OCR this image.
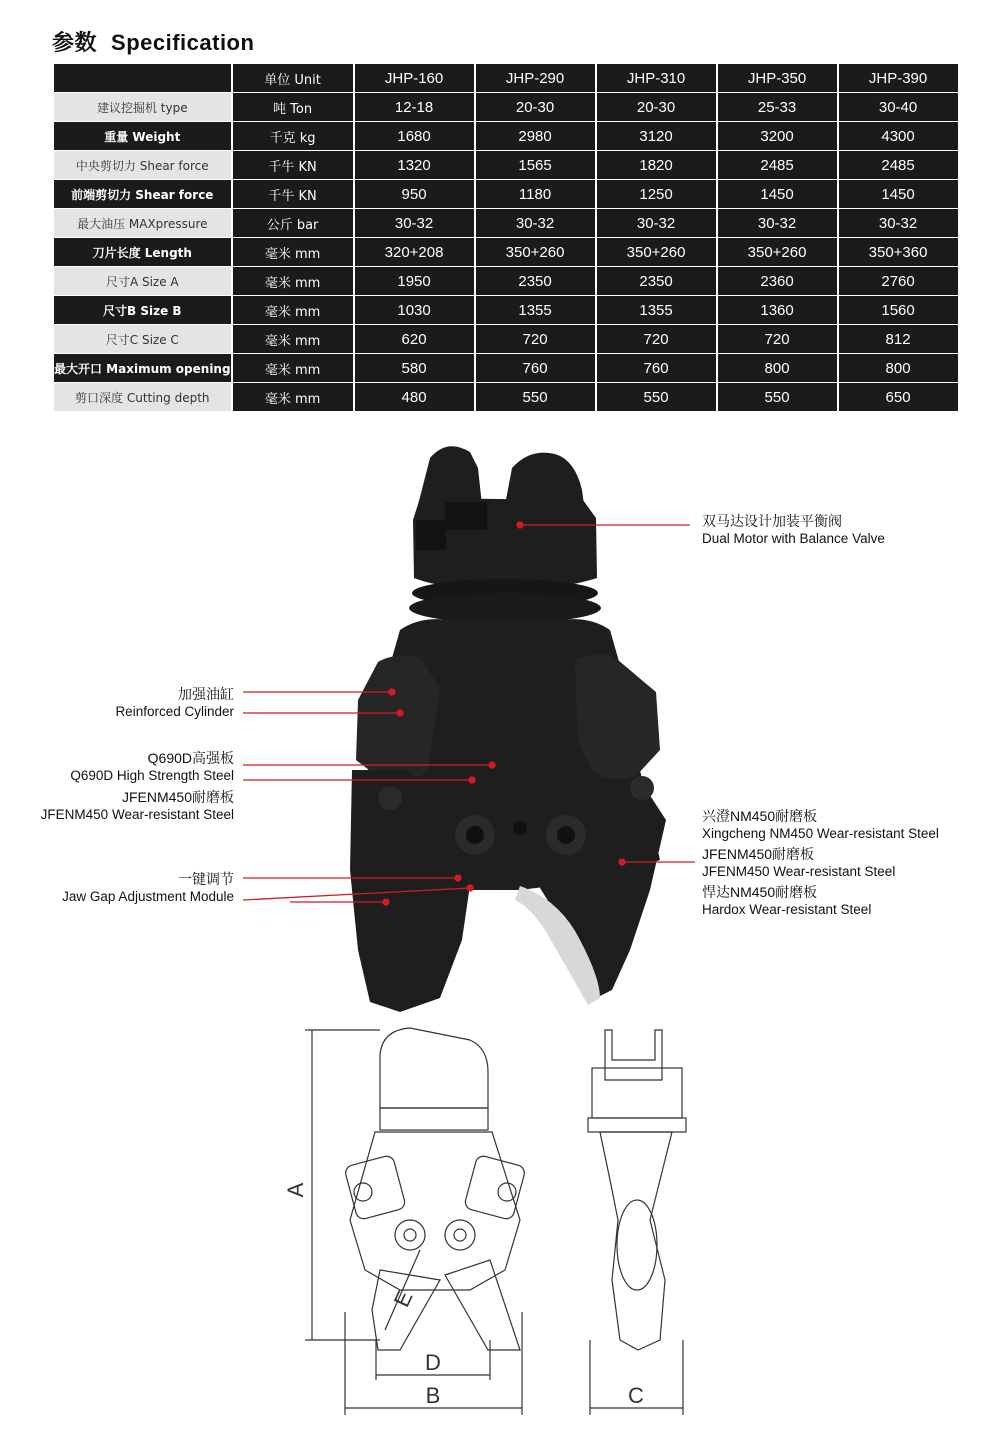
参数 Specification
	单位 Unit	JHP-160	JHP-290	JHP-310	JHP-350	JHP-390
建议挖掘机 type	吨 Ton	12-18	20-30	20-30	25-33	30-40
重量 Weight	千克 kg	1680	2980	3120	3200	4300
中央剪切力 Shear force	千牛 KN	1320	1565	1820	2485	2485
前端剪切力 Shear force	千牛 KN	950	1180	1250	1450	1450
最大油压 MAXpressure	公斤 bar	30-32	30-32	30-32	30-32	30-32
刀片长度 Length	毫米 mm	320+208	350+260	350+260	350+260	350+360
尺寸A Size A	毫米 mm	1950	2350	2350	2360	2760
尺寸B Size B	毫米 mm	1030	1355	1355	1360	1560
尺寸C Size C	毫米 mm	620	720	720	720	812
最大开口 Maximum opening	毫米 mm	580	760	760	800	800
剪口深度 Cutting depth	毫米 mm	480	550	550	550	650
双马达设计加装平衡阀
Dual Motor with Balance Valve
加强油缸
Reinforced Cylinder
Q690D高强板
Q690D High Strength Steel
JFENM450耐磨板
JFENM450 Wear-resistant Steel
一键调节
Jaw Gap Adjustment Module
兴澄NM450耐磨板
Xingcheng NM450 Wear-resistant Steel
JFENM450耐磨板
JFENM450 Wear-resistant Steel
悍达NM450耐磨板
Hardox Wear-resistant Steel
A
B
D
C
E
